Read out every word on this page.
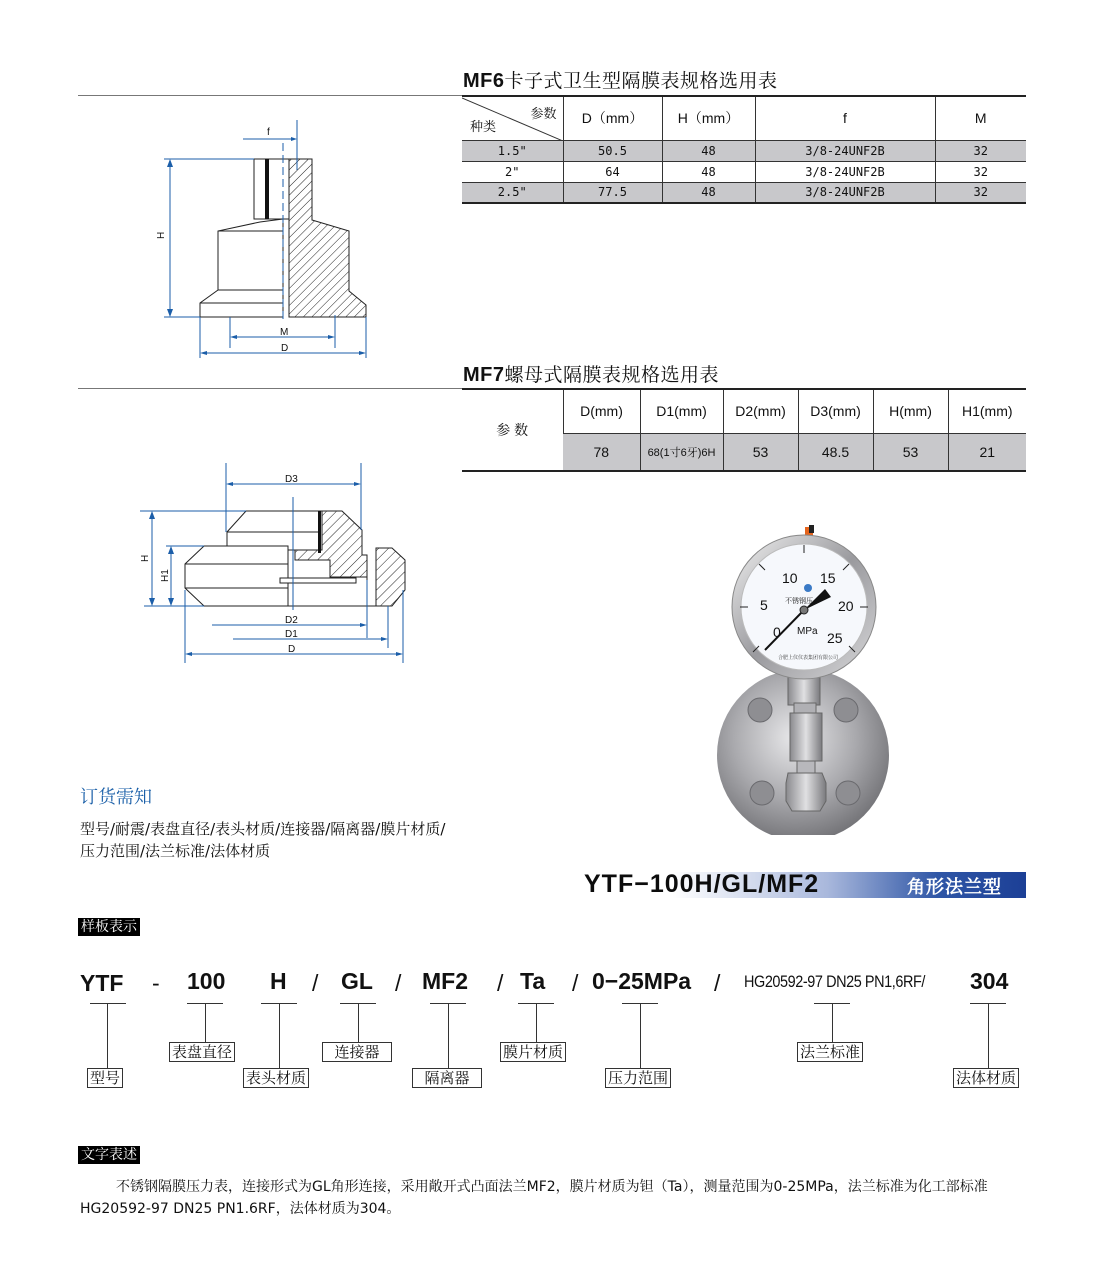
MF6卡子式卫生型隔膜表规格选用表
参数
种类	D（mm）	H（mm）	f	M
1.5"	50.5	48	3/8-24UNF2B	32
2"	64	48	3/8-24UNF2B	32
2.5"	77.5	48	3/8-24UNF2B	32
f
H
M
D
MF7螺母式隔膜表规格选用表
参 数	D(mm)	D1(mm)	D2(mm)	D3(mm)	H(mm)	H1(mm)
	78	68(1寸6牙)6H	53	48.5	53	21
D3
H
H1
D2
D1
D
0
5
10 15
20
25
MPa
不锈钢压
合肥上仪仪表集团有限公司
订货需知
型号/耐震/表盘直径/表头材质/连接器/隔离器/膜片材质/
压力范围/法兰标准/法体材质
YTF−100H/GL/MF2	角形法兰型
样板表示
YTF - 100 H / GL / MF2 / Ta / 0−25MPa / HG20592-97 DN25 PN1,6RF/ 304
型号
表盘直径
表头材质
连接器
隔离器
膜片材质
压力范围
法兰标准
法体材质
文字表述
不锈钢隔膜压力表，连接形式为GL角形连接，采用敞开式凸面法兰MF2，膜片材质为钽（Ta），测量范围为0-25MPa，法兰标准为化工部标准HG20592-97 DN25 PN1.6RF，法体材质为304。
